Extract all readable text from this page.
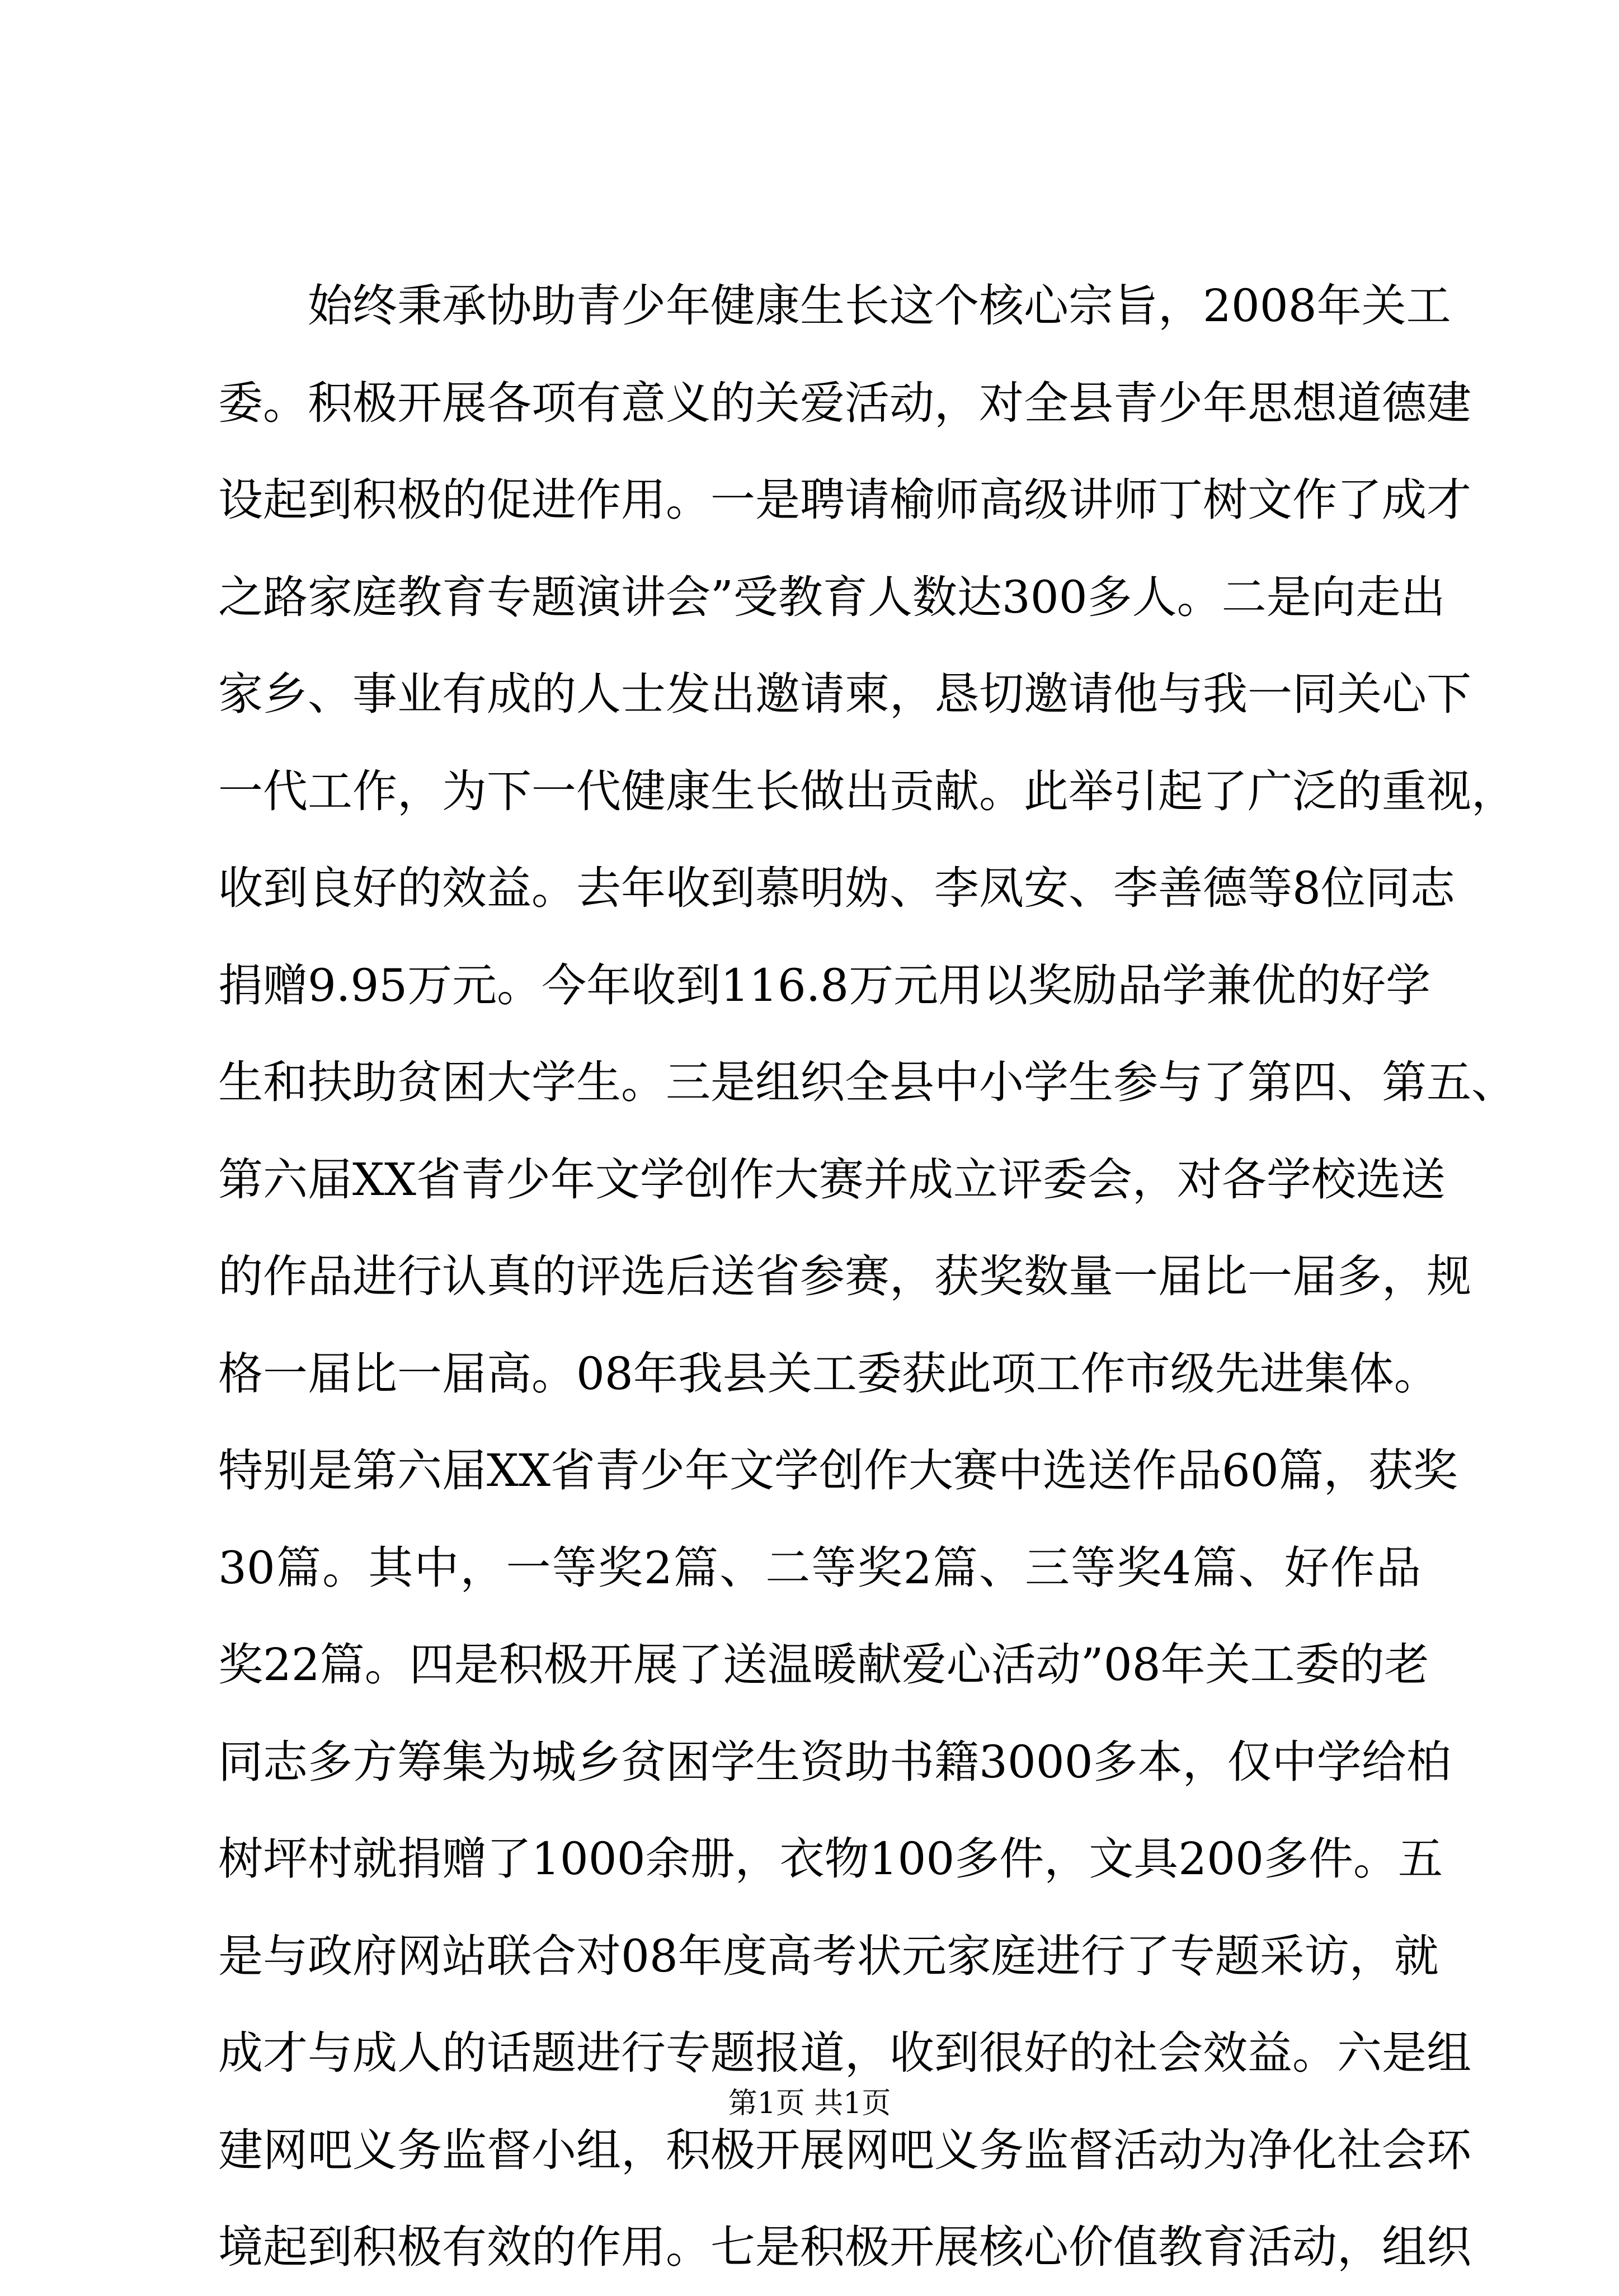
始终秉承协助青少年健康生长这个核心宗旨，2008年关工
委。积极开展各项有意义的关爱活动，对全县青少年思想道德建
设起到积极的促进作用。一是聘请榆师高级讲师丁树文作了成才
之路家庭教育专题演讲会”受教育人数达300多人。二是向走出
家乡、事业有成的人士发出邀请柬，恳切邀请他与我一同关心下
一代工作，为下一代健康生长做出贡献。此举引起了广泛的重视，
收到良好的效益。去年收到慕明妫、李凤安、李善德等8位同志
捐赠9.95万元。今年收到116.8万元用以奖励品学兼优的好学
生和扶助贫困大学生。三是组织全县中小学生参与了第四、第五、
第六届XX省青少年文学创作大赛并成立评委会，对各学校选送
的作品进行认真的评选后送省参赛，获奖数量一届比一届多，规
格一届比一届高。08年我县关工委获此项工作市级先进集体。
特别是第六届XX省青少年文学创作大赛中选送作品60篇，获奖
30篇。其中，一等奖2篇、二等奖2篇、三等奖4篇、好作品
奖22篇。四是积极开展了送温暖献爱心活动”08年关工委的老
同志多方筹集为城乡贫困学生资助书籍3000多本，仅中学给柏
树坪村就捐赠了1000余册，衣物100多件，文具200多件。五
是与政府网站联合对08年度高考状元家庭进行了专题采访，就
成才与成人的话题进行专题报道，收到很好的社会效益。六是组
建网吧义务监督小组，积极开展网吧义务监督活动为净化社会环
境起到积极有效的作用。七是积极开展核心价值教育活动，组织
第1页 共1页
